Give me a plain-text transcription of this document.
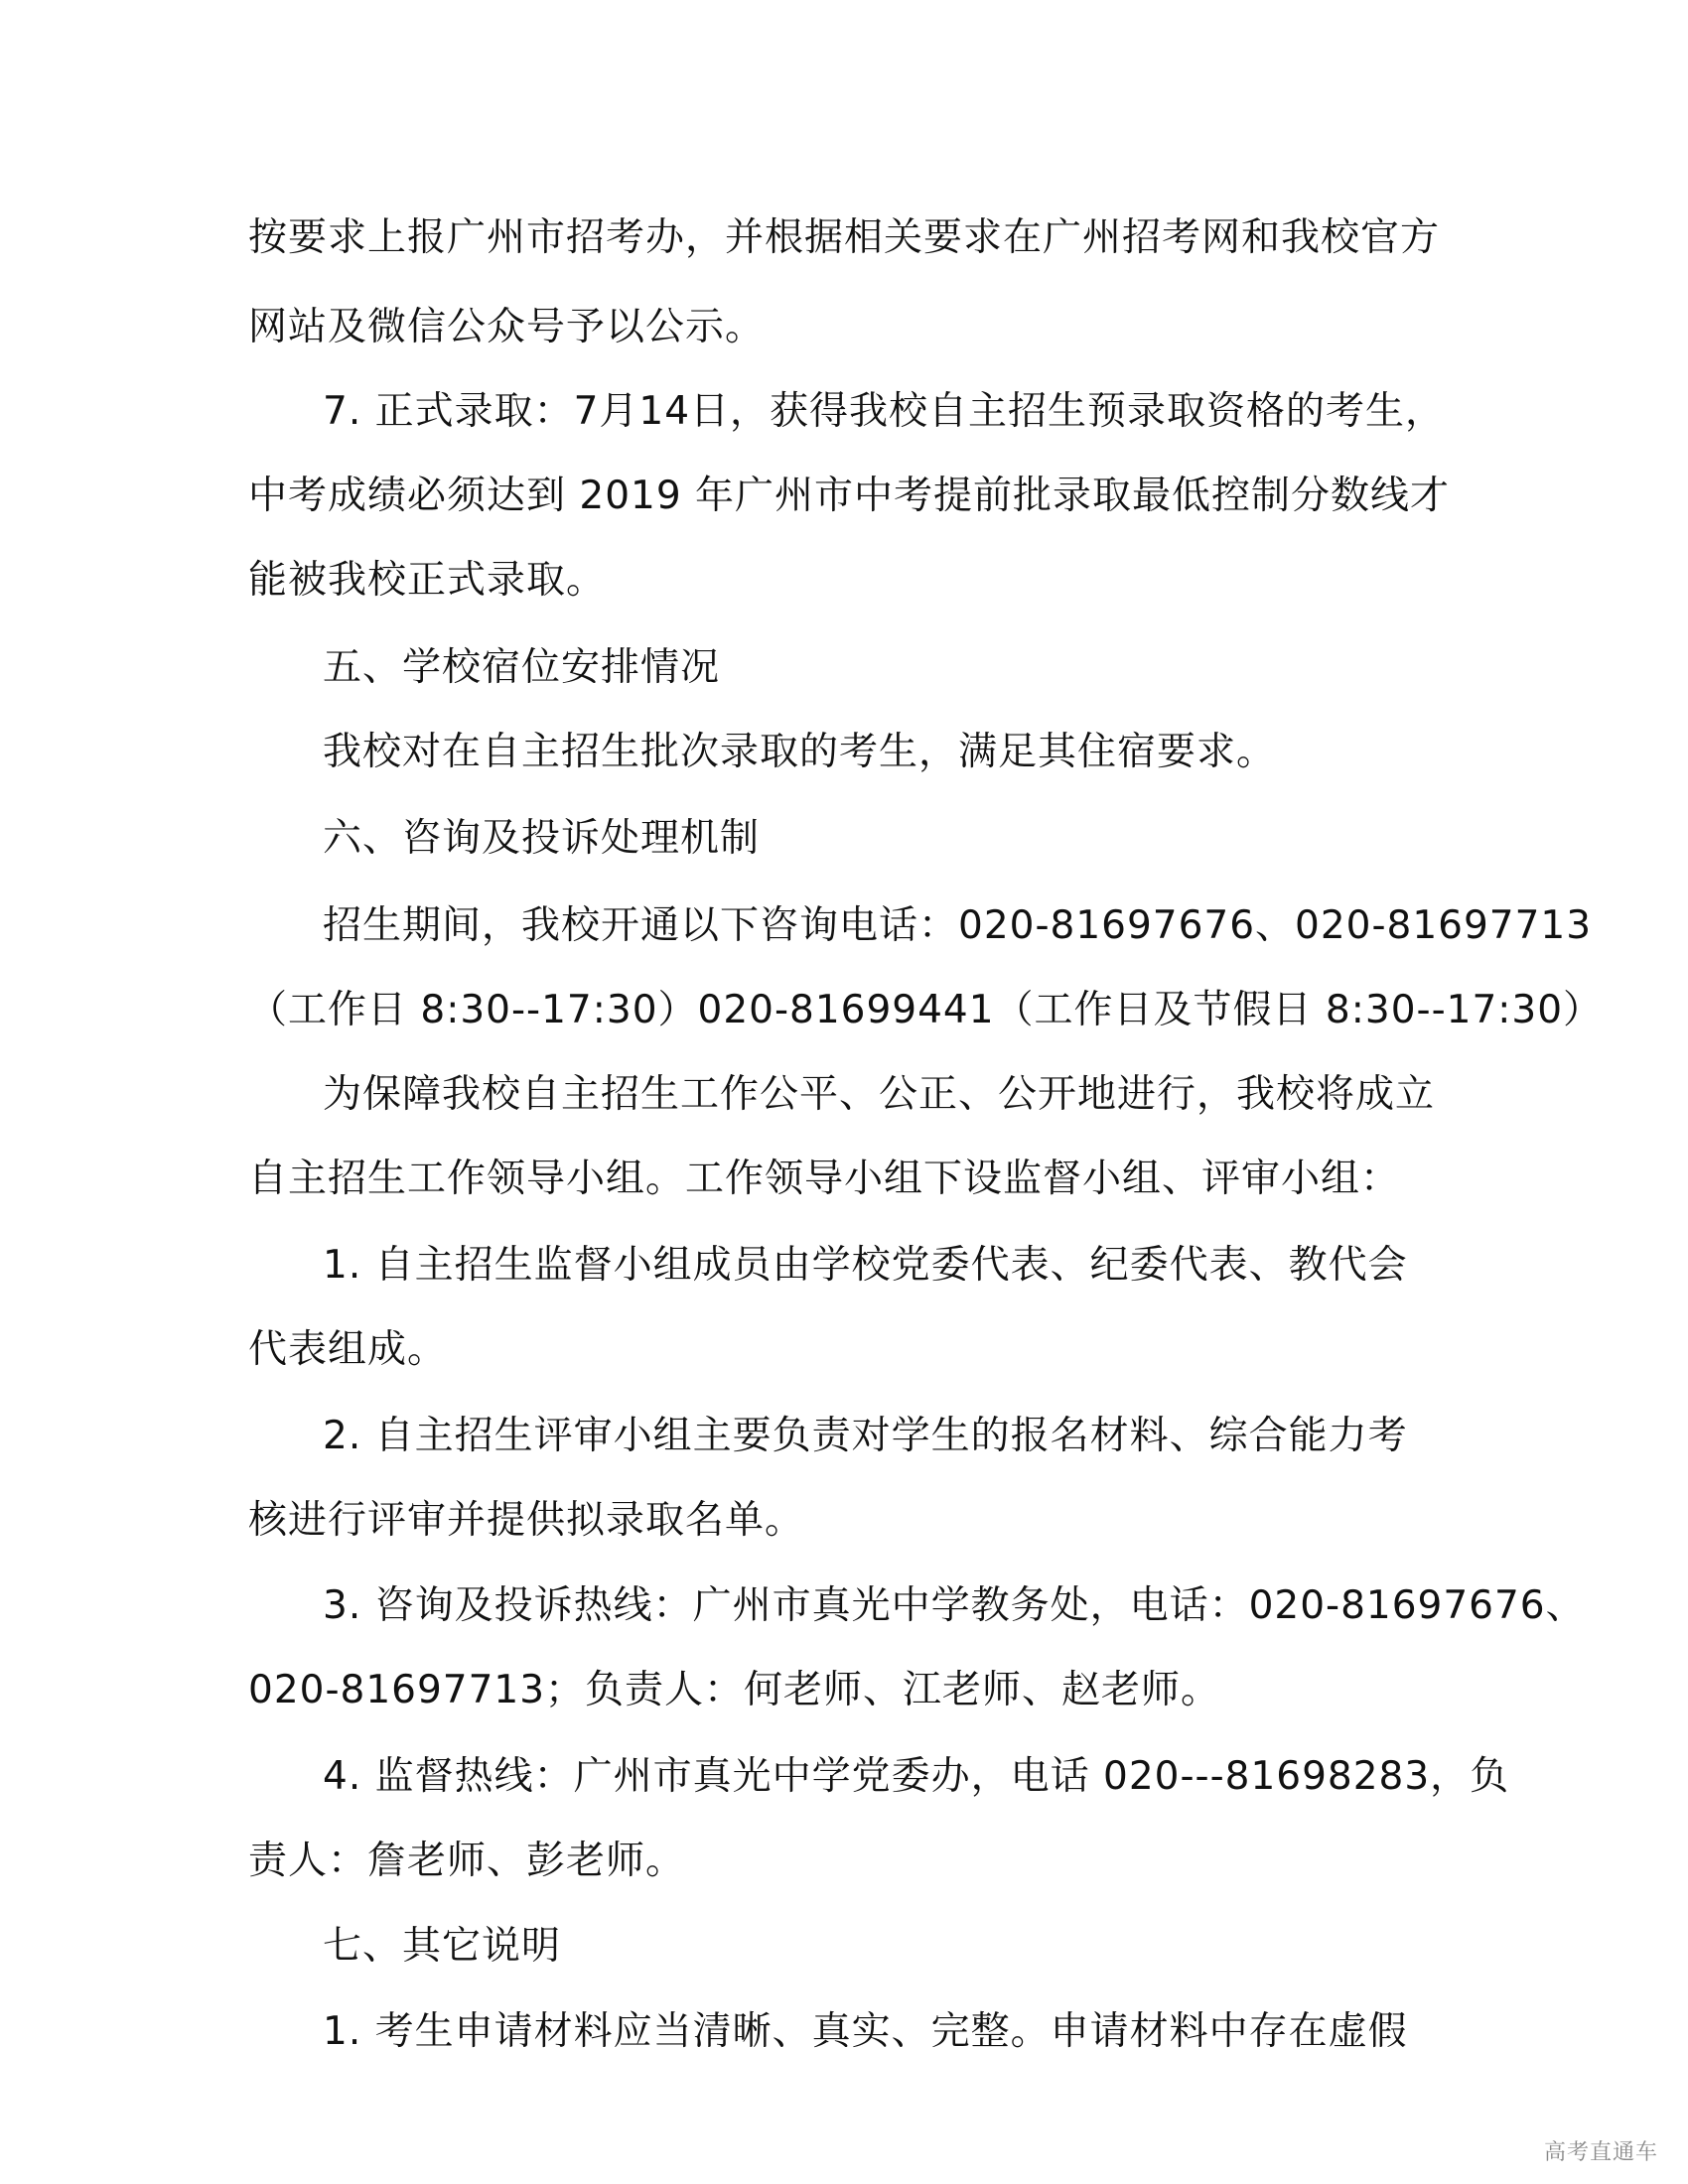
按要求上报广州市招考办，并根据相关要求在广州招考网和我校官方
网站及微信公众号予以公示。
7. 正式录取：7月14日，获得我校自主招生预录取资格的考生，
中考成绩必须达到 2019 年广州市中考提前批录取最低控制分数线才
能被我校正式录取。
五、学校宿位安排情况
我校对在自主招生批次录取的考生，满足其住宿要求。
六、咨询及投诉处理机制
招生期间，我校开通以下咨询电话：020-81697676、020-81697713
（工作日 8:30--17:30）020-81699441（工作日及节假日 8:30--17:30）
为保障我校自主招生工作公平、公正、公开地进行，我校将成立
自主招生工作领导小组。工作领导小组下设监督小组、评审小组：
1. 自主招生监督小组成员由学校党委代表、纪委代表、教代会
代表组成。
2. 自主招生评审小组主要负责对学生的报名材料、综合能力考
核进行评审并提供拟录取名单。
3. 咨询及投诉热线：广州市真光中学教务处，电话：020-81697676、
020-81697713；负责人：何老师、江老师、赵老师。
4. 监督热线：广州市真光中学党委办，电话 020---81698283，负
责人：詹老师、彭老师。
七、其它说明
1. 考生申请材料应当清晰、真实、完整。申请材料中存在虚假
高考直通车
